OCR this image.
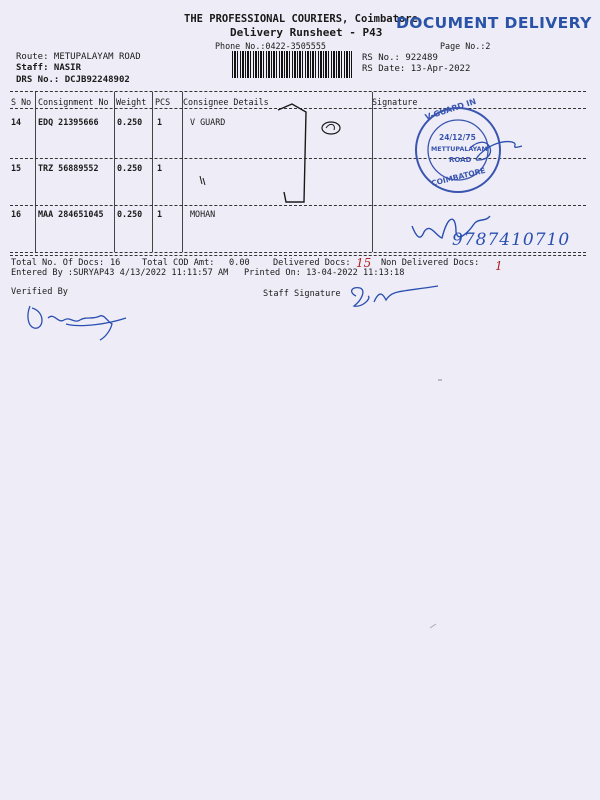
THE PROFESSIONAL COURIERS, Coimbatore
DOCUMENT DELIVERY
Delivery Runsheet - P43
Phone No.:0422-3505555	Page No.:2
Route: METUPALAYAM ROAD
Staff: NASIR
DRS No.: DCJB92248902
RS No.: 922489
RS Date: 13-Apr-2022
S No Consignment No Weight PCS Consignee Details	Signature
14 EDQ 21395666 0.250 1	V GUARD
15 TRZ 56889552 0.250 1
16 MAA 284651045 0.250 1	MOHAN
Total No. Of Docs: 16	Total COD Amt: 0.00	Delivered Docs:	Non Delivered Docs:
Entered By :SURYAP43 4/13/2022 11:11:57 AM Printed On: 13-04-2022 11:13:18
Verified By	Staff Signature
15	1
9787410710
V-GUARD IN
24/12/75
METTUPALAYAM
ROAD
COIMBATORE
